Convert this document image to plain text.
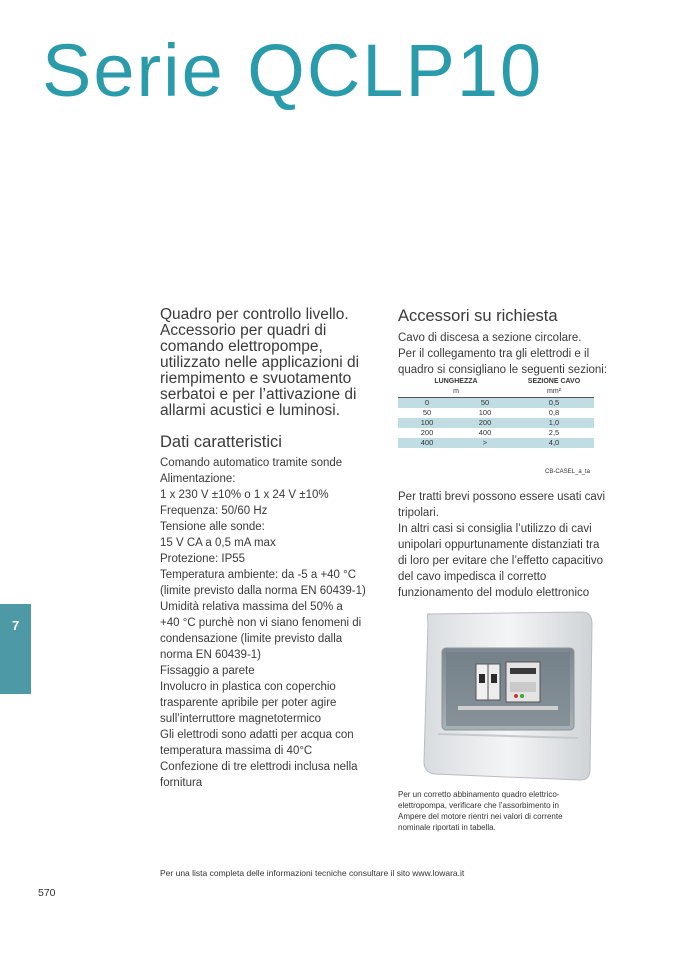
Serie QCLP10
Quadro per controllo livello.
Accessorio per quadri di
comando elettropompe,
utilizzato nelle applicazioni di
riempimento e svuotamento
serbatoi e per l’attivazione di
allarmi acustici e luminosi.
Dati caratteristici
Comando automatico tramite sonde
Alimentazione:
1 x 230 V ±10% o 1 x 24 V ±10%
Frequenza: 50/60 Hz
Tensione alle sonde:
15 V CA a 0,5 mA max
Protezione: IP55
Temperatura ambiente: da -5 a +40 °C
(limite previsto dalla norma EN 60439-1)
Umidità relativa massima del 50% a
+40 °C purchè non vi siano fenomeni di
condensazione (limite previsto dalla
norma EN 60439-1)
Fissaggio a parete
Involucro in plastica con coperchio
trasparente apribile per poter agire
sull’interruttore magnetotermico
Gli elettrodi sono adatti per acqua con
temperatura massima di 40°C
Confezione di tre elettrodi inclusa nella
fornitura
Accessori su richiesta
Cavo di discesa a sezione circolare.
Per il collegamento tra gli elettrodi e il
quadro si consigliano le seguenti sezioni:
LUNGHEZZA	SEZIONE CAVO
m	mm²
0	50	0,5
50	100	0,8
100	200	1,0
200	400	2,5
400	>	4,0
CB-CASEL_a_ta
Per tratti brevi possono essere usati cavi
tripolari.
In altri casi si consiglia l’utilizzo di cavi
unipolari oppurtunamente distanziati tra
di loro per evitare che l’effetto capacitivo
del cavo impedisca il corretto
funzionamento del modulo elettronico
Per un corretto abbinamento quadro elettrico-
elettropompa, verificare che l’assorbimento in
Ampere del motore rientri nei valori di corrente
nominale riportati in tabella.
Per una lista completa delle informazioni tecniche consultare il sito www.lowara.it
570
7
